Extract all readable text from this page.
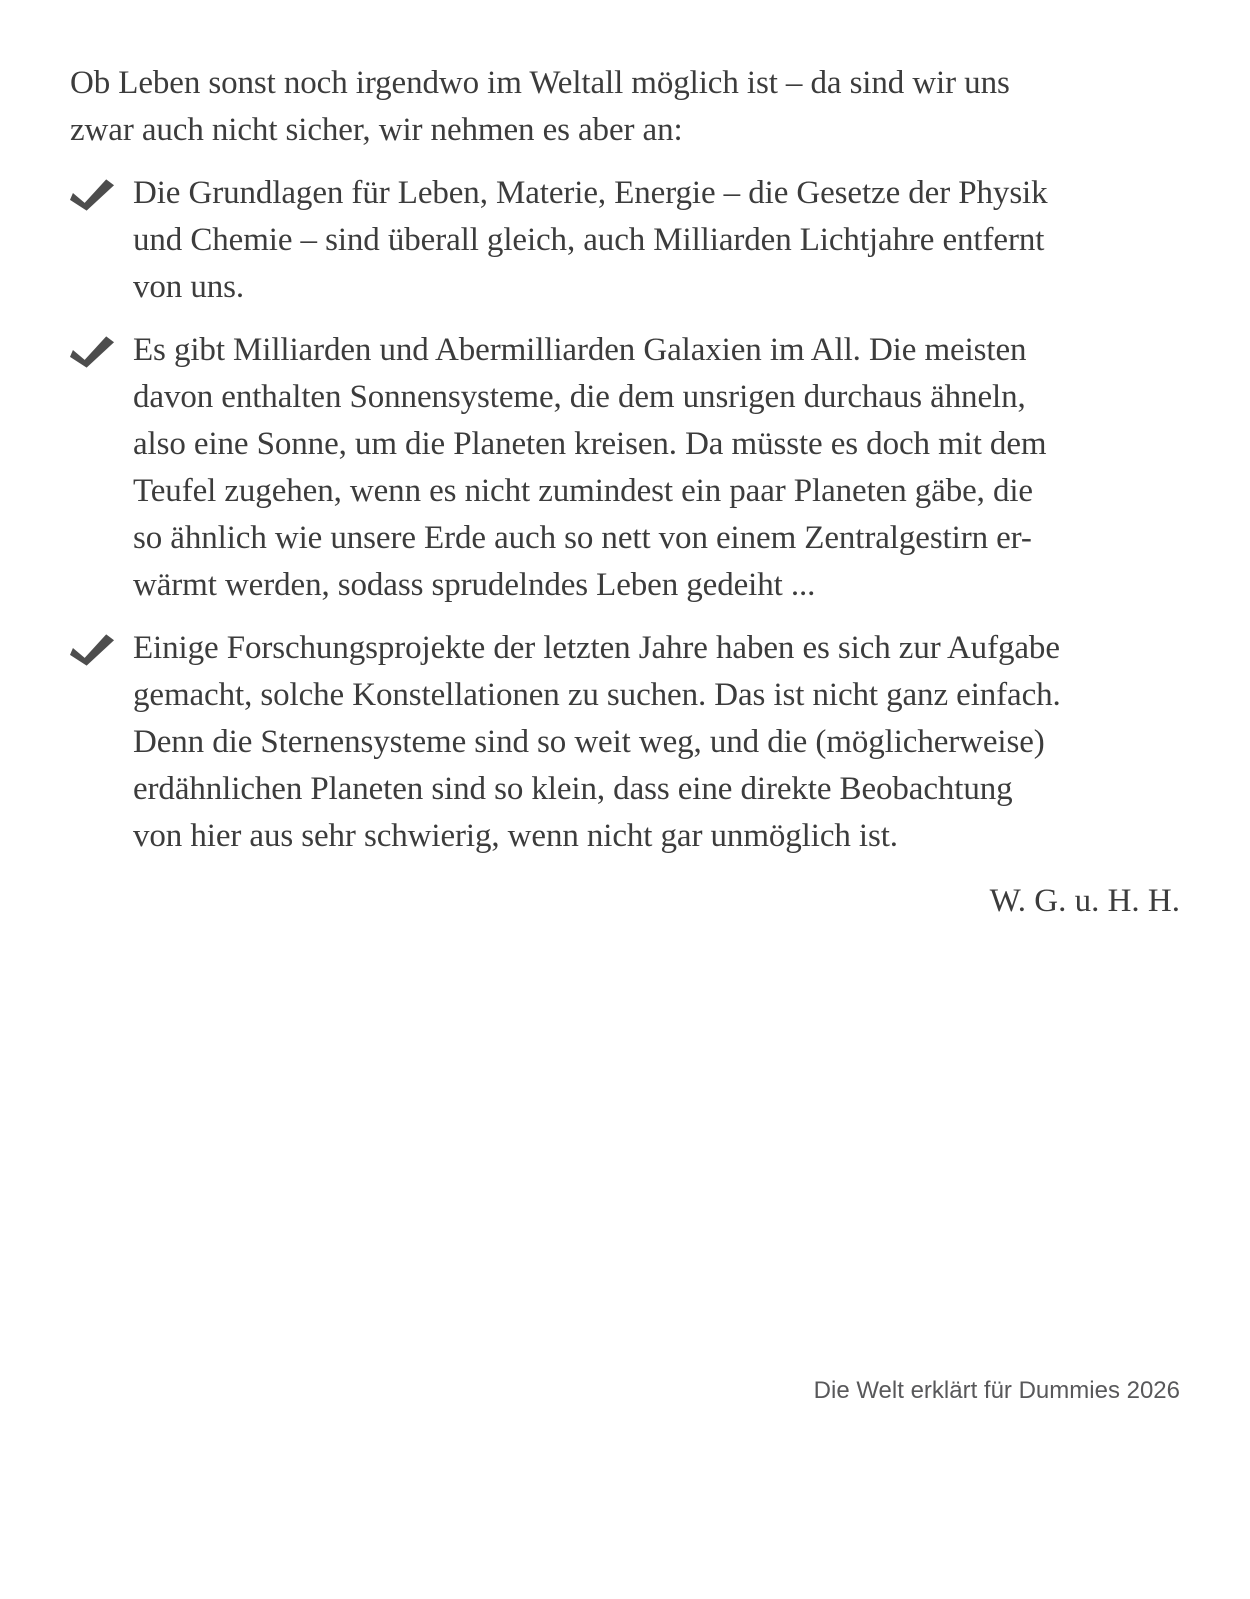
Ob Leben sonst noch irgendwo im Weltall möglich ist – da sind wir uns
zwar auch nicht sicher, wir nehmen es aber an:
Die Grundlagen für Leben, Materie, Energie – die Gesetze der Physik
und Chemie – sind überall gleich, auch Milliarden Lichtjahre entfernt
von uns.
Es gibt Milliarden und Abermilliarden Galaxien im All. Die meisten
davon enthalten Sonnensysteme, die dem unsrigen durchaus ähneln,
also eine Sonne, um die Planeten kreisen. Da müsste es doch mit dem
Teufel zugehen, wenn es nicht zumindest ein paar Planeten gäbe, die
so ähnlich wie unsere Erde auch so nett von einem Zentralgestirn er-
wärmt werden, sodass sprudelndes Leben gedeiht ...
Einige Forschungsprojekte der letzten Jahre haben es sich zur Aufgabe
gemacht, solche Konstellationen zu suchen. Das ist nicht ganz einfach.
Denn die Sternensysteme sind so weit weg, und die (möglicherweise)
erdähnlichen Planeten sind so klein, dass eine direkte Beobachtung
von hier aus sehr schwierig, wenn nicht gar unmöglich ist.
W. G. u. H. H.
Die Welt erklärt für Dummies 2026
